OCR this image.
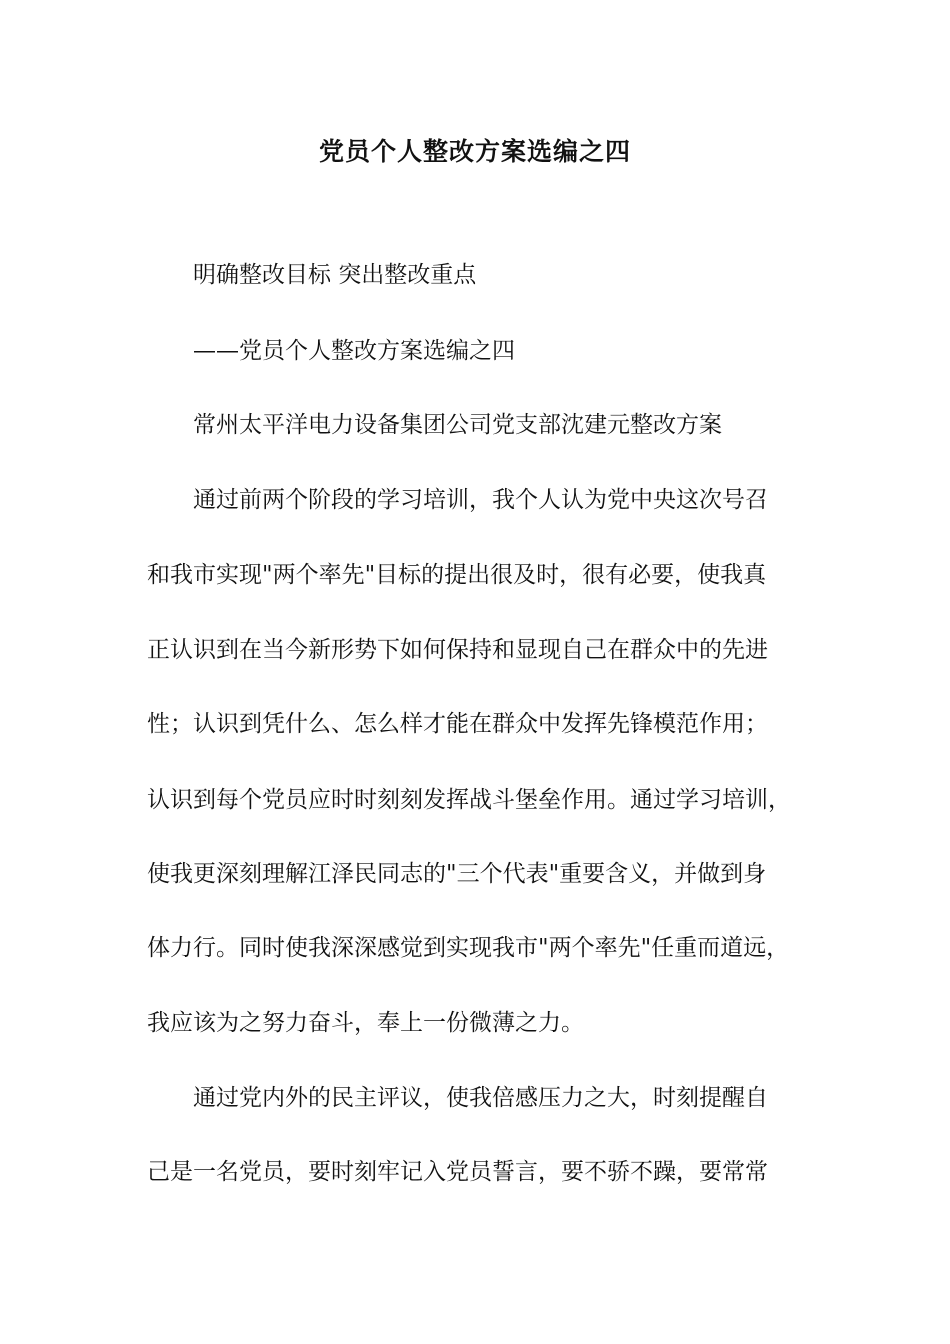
党员个人整改方案选编之四
明确整改目标 突出整改重点
——党员个人整改方案选编之四
常州太平洋电力设备集团公司党支部沈建元整改方案
通过前两个阶段的学习培训，我个人认为党中央这次号召
和我市实现"两个率先"目标的提出很及时，很有必要，使我真
正认识到在当今新形势下如何保持和显现自己在群众中的先进
性；认识到凭什么、怎么样才能在群众中发挥先锋模范作用；
认识到每个党员应时时刻刻发挥战斗堡垒作用。通过学习培训，
使我更深刻理解江泽民同志的"三个代表"重要含义，并做到身
体力行。同时使我深深感觉到实现我市"两个率先"任重而道远，
我应该为之努力奋斗，奉上一份微薄之力。
通过党内外的民主评议，使我倍感压力之大，时刻提醒自
己是一名党员，要时刻牢记入党员誓言，要不骄不躁，要常常
